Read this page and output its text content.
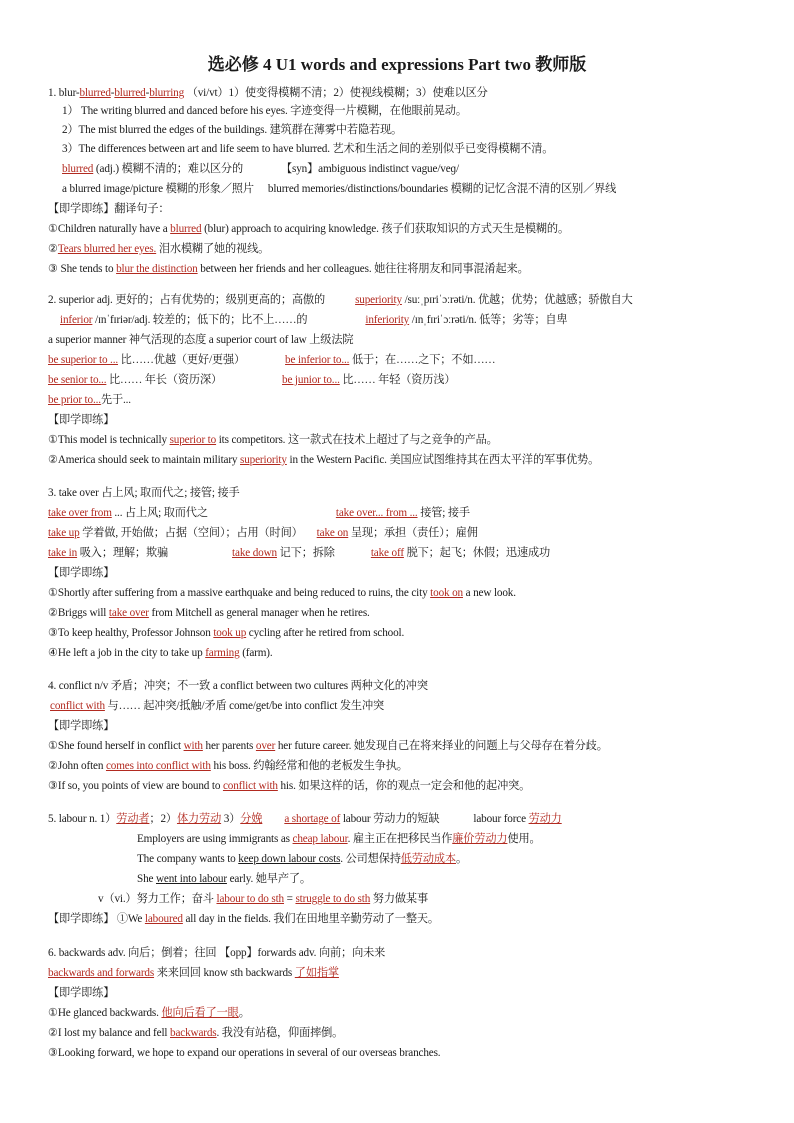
选必修 4 U1 words and expressions Part two 教师版
1. blur-blurred-blurred-blurring （vi/vt）1）使变得模糊不清；2）使视线模糊；3）使难以区分
1） The writing blurred and danced before his eyes. 字迹变得一片模糊，在他眼前晃动。
2）The mist blurred the edges of the buildings. 建筑群在薄雾中若隐若现。
3）The differences between art and life seem to have blurred. 艺术和生活之间的差别似乎已变得模糊不清。
blurred (adj.) 模糊不清的；难以区分的	【syn】ambiguous indistinct vague/veɡ/
a blurred image/picture 模糊的形象／照片 blurred memories/distinctions/boundaries 模糊的记忆含混不清的区别／界线
【即学即练】翻译句子：
①Children naturally have a blurred (blur) approach to acquiring knowledge. 孩子们获取知识的方式天生是模糊的。
②Tears blurred her eyes. 泪水模糊了她的视线。
③ She tends to blur the distinction between her friends and her colleagues. 她往往将朋友和同事混淆起来。
2. superior adj. 更好的；占有优势的；级别更高的；高傲的	superiority /suːˌpɪriˈɔːrəti/n. 优越；优势；优越感；骄傲自大
inferior /ɪnˈfɪriər/adj. 较差的；低下的；比不上……的	inferiority /ɪnˌfɪriˈɔːrəti/n. 低等；劣等；自卑
a superior manner 神气活现的态度 a superior court of law 上级法院
be superior to ... 比……优越（更好/更强）	be inferior to... 低于；在……之下；不如……
be senior to... 比…… 年长（资历深）	be junior to... 比…… 年轻（资历浅）
be prior to...先于...
【即学即练】
①This model is technically superior to its competitors. 这一款式在技术上超过了与之竞争的产品。
②America should seek to maintain military superiority in the Western Pacific. 美国应试图维持其在西太平洋的军事优势。
3. take over 占上风; 取而代之; 接管; 接手
take over from ... 占上风; 取而代之	take over... from ... 接管; 接手
take up 学着做, 开始做；占据（空间）；占用（时间） take on 呈现；承担（责任）；雇佣
take in 吸入；理解；欺骗	take down 记下；拆除	take off 脱下；起飞；休假；迅速成功
【即学即练】
①Shortly after suffering from a massive earthquake and being reduced to ruins, the city took on a new look.
②Briggs will take over from Mitchell as general manager when he retires.
③To keep healthy, Professor Johnson took up cycling after he retired from school.
④He left a job in the city to take up farming (farm).
4. conflict n/v 矛盾；冲突；不一致 a conflict between two cultures 两种文化的冲突
conflict with 与…… 起冲突/抵触/矛盾 come/get/be into conflict 发生冲突
【即学即练】
①She found herself in conflict with her parents over her future career. 她发现自己在将来择业的问题上与父母存在着分歧。
②John often comes into conflict with his boss. 约翰经常和他的老板发生争执。
③If so, you points of view are bound to conflict with his. 如果这样的话，你的观点一定会和他的起冲突。
5. labour n. 1）劳动者；2）体力劳动 3）分娩 a shortage of labour 劳动力的短缺	labour force 劳动力
Employers are using immigrants as cheap labour. 雇主正在把移民当作廉价劳动力使用。
The company wants to keep down labour costs. 公司想保持低劳动成本。
She went into labour early. 她早产了。
v（vi.）努力工作；奋斗 labour to do sth = struggle to do sth 努力做某事
【即学即练】 ①We laboured all day in the fields. 我们在田地里辛勤劳动了一整天。
6. backwards adv. 向后；倒着；往回 【opp】forwards adv. 向前；向未来
backwards and forwards 来来回回 know sth backwards 了如指掌
【即学即练】
①He glanced backwards. 他向后看了一眼。
②I lost my balance and fell backwards. 我没有站稳，仰面摔倒。
③Looking forward, we hope to expand our operations in several of our overseas branches.
